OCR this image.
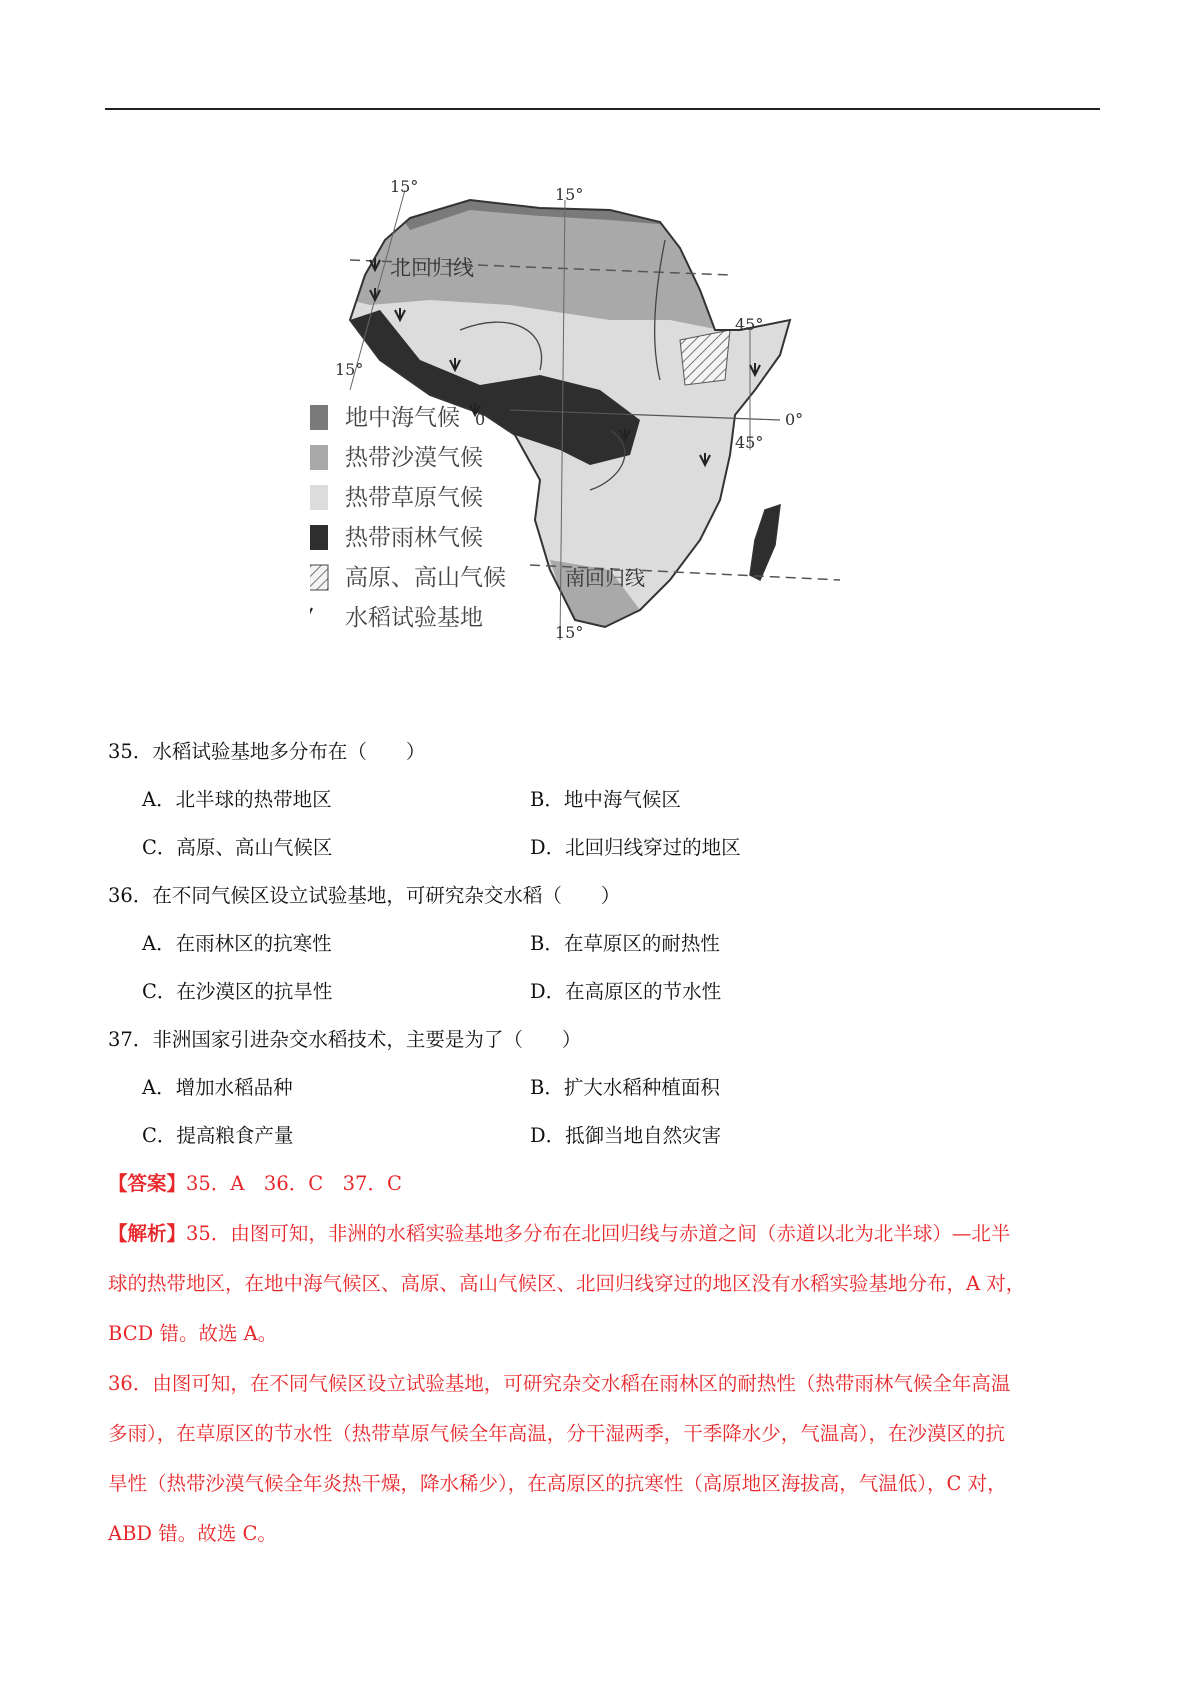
15°	15°
15°
0°	0°
45°
45°
15°
北回归线
南回归线
地中海气候
热带沙漠气候
热带草原气候
热带雨林气候
高原、高山气候
水稻试验基地
35．水稻试验基地多分布在（　　）
A．北半球的热带地区	B．地中海气候区
C．高原、高山气候区	D．北回归线穿过的地区
36．在不同气候区设立试验基地，可研究杂交水稻（　　）
A．在雨林区的抗寒性	B．在草原区的耐热性
C．在沙漠区的抗旱性	D．在高原区的节水性
37．非洲国家引进杂交水稻技术，主要是为了（　　）
A．增加水稻品种	B．扩大水稻种植面积
C．提高粮食产量	D．抵御当地自然灾害
【答案】35．A　36．C　37．C
【解析】35．由图可知，非洲的水稻实验基地多分布在北回归线与赤道之间（赤道以北为北半球）—北半
球的热带地区，在地中海气候区、高原、高山气候区、北回归线穿过的地区没有水稻实验基地分布，A 对，
BCD 错。故选 A。
36．由图可知，在不同气候区设立试验基地，可研究杂交水稻在雨林区的耐热性（热带雨林气候全年高温
多雨），在草原区的节水性（热带草原气候全年高温，分干湿两季，干季降水少，气温高），在沙漠区的抗
旱性（热带沙漠气候全年炎热干燥，降水稀少），在高原区的抗寒性（高原地区海拔高，气温低），C 对，
ABD 错。故选 C。
